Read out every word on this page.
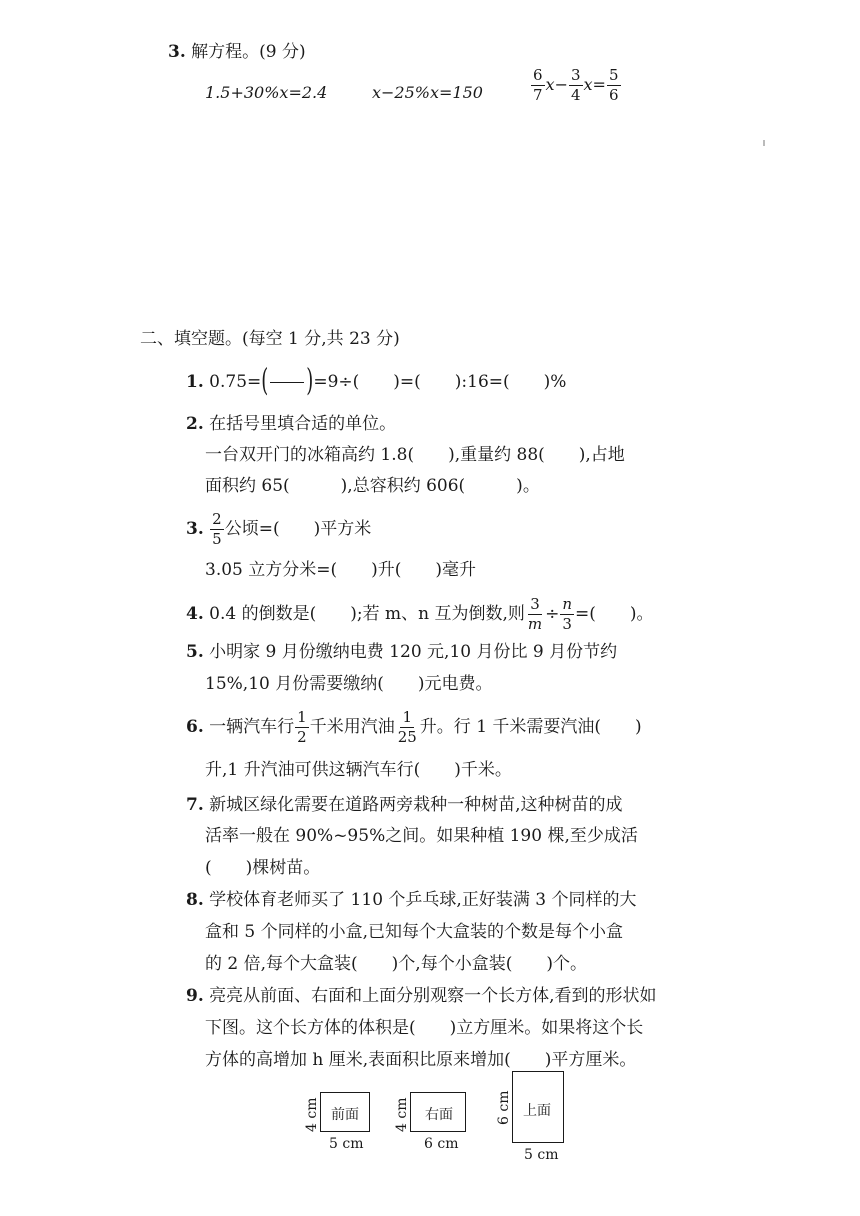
3. 解方程。(9 分)
1.5+30%x=2.4	x−25%x=150	$\frac{6}{7} x- \frac{3}{4} x= \frac{5}{6}$
二、填空题。(每空 1 分,共 23 分)
1. 0.75=( )=9÷(　　)=(　　):16=(　　)%
2. 在括号里填合适的单位。
一台双开门的冰箱高约 1.8(　　),重量约 88(　　),占地
面积约 65(　　　),总容积约 606(　　　)。
3. $\frac{2}{5}$ 公顷=(　　)平方米
3.05 立方分米=(　　)升(　　)毫升
4. 0.4 的倒数是(　　);若 m、n 互为倒数,则 $\frac{3}{m} \div \frac{n}{3}$ =(　　)。
5. 小明家 9 月份缴纳电费 120 元,10 月份比 9 月份节约
15%,10 月份需要缴纳(　　)元电费。
6. 一辆汽车行 $\frac{1}{2}$ 千米用汽油 $\frac{1}{25}$ 升。行 1 千米需要汽油(　　)
升,1 升汽油可供这辆汽车行(　　)千米。
7. 新城区绿化需要在道路两旁栽种一种树苗,这种树苗的成
活率一般在 90%~95%之间。如果种植 190 棵,至少成活
(　　)棵树苗。
8. 学校体育老师买了 110 个乒乓球,正好装满 3 个同样的大
盒和 5 个同样的小盒,已知每个大盒装的个数是每个小盒
的 2 倍,每个大盒装(　　)个,每个小盒装(　　)个。
9. 亮亮从前面、右面和上面分别观察一个长方体,看到的形状如
下图。这个长方体的体积是(　　)立方厘米。如果将这个长
方体的高增加 h 厘米,表面积比原来增加(　　)平方厘米。
前面
4 cm
5 cm
右面
4 cm
6 cm
上面
6 cm
5 cm
